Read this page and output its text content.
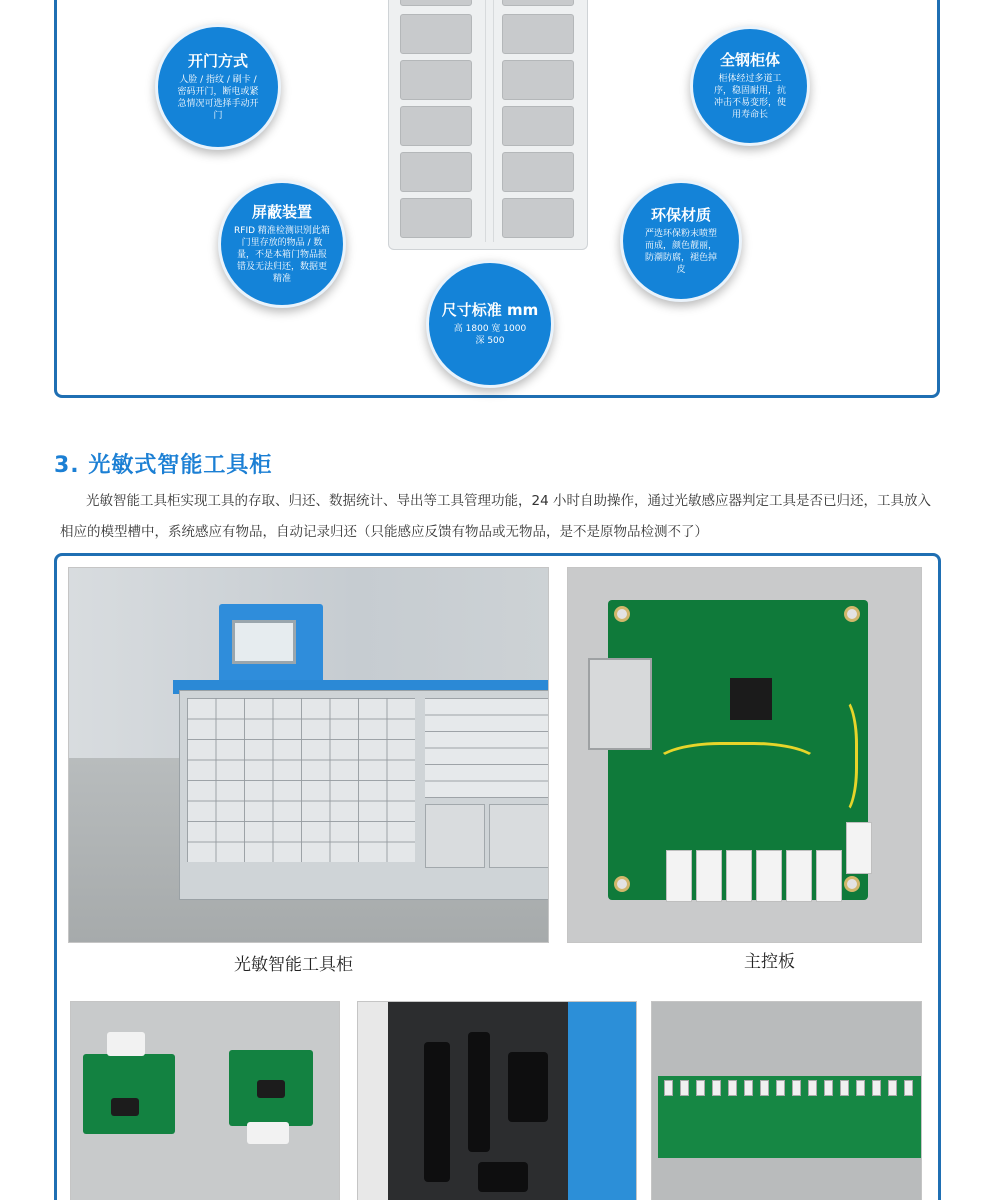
开门方式
人脸 / 指纹 / 刷卡 / 密码开门，断电或紧急情况可选择手动开门
全钢柜体
柜体经过多道工序，稳固耐用，抗冲击不易变形，使用寿命长
屏蔽装置
RFID 精准检测识别此箱门里存放的物品 / 数量，不是本箱门物品报错及无法归还，数据更精准
环保材质
严选环保粉末喷塑而成，颜色靓丽，防潮防腐，褪色掉皮
尺寸标准 mm
高 1800 宽 1000 深 500
3. 光敏式智能工具柜
光敏智能工具柜实现工具的存取、归还、数据统计、导出等工具管理功能，24 小时自助操作，通过光敏感应器判定工具是否已归还，工具放入相应的模型槽中，系统感应有物品，自动记录归还（只能感应反馈有物品或无物品，是不是原物品检测不了）
光敏智能工具柜	主控板
